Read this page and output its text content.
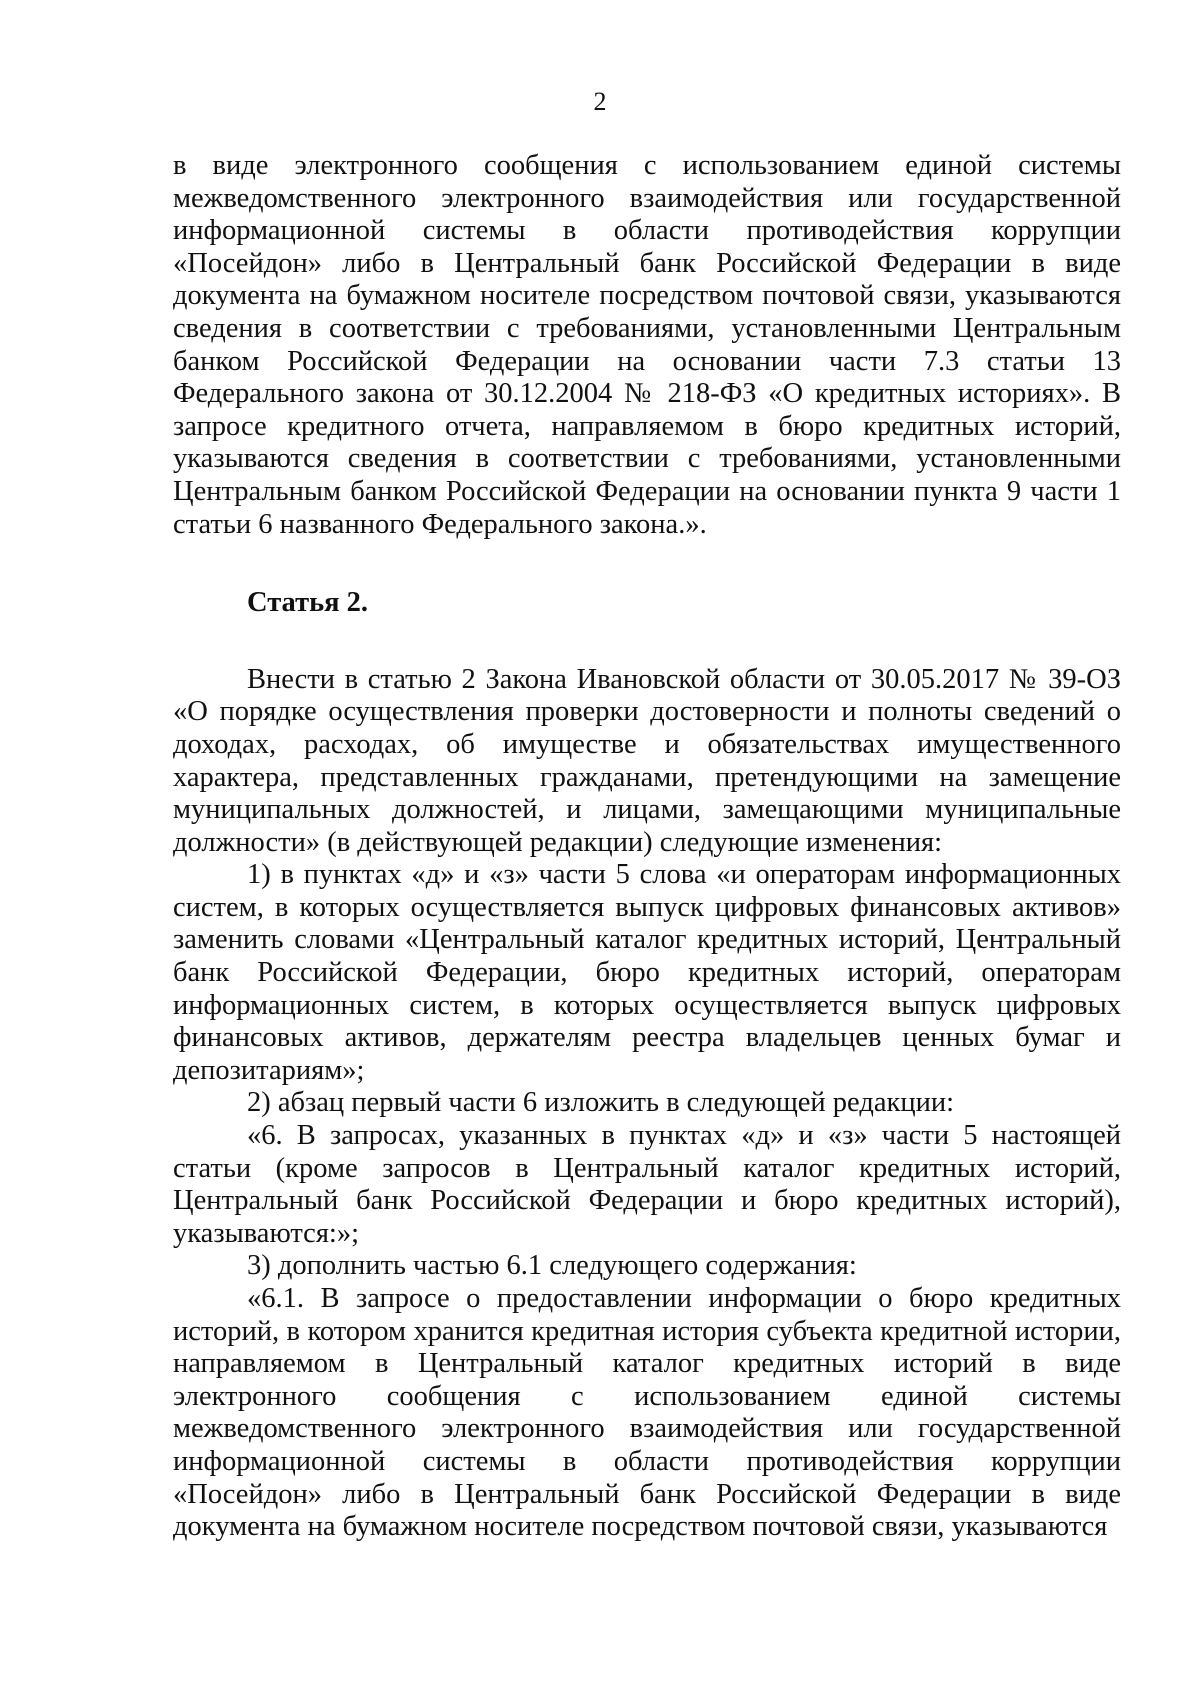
2

в виде электронного сообщения с использованием единой системы межведомственного электронного взаимодействия или государственной информационной системы в области противодействия коррупции «Посейдон» либо в Центральный банк Российской Федерации в виде документа на бумажном носителе посредством почтовой связи, указываются сведения в соответствии с требованиями, установленными Центральным банком Российской Федерации на основании части 7.3 статьи 13 Федерального закона от 30.12.2004 № 218-ФЗ «О кредитных историях». В запросе кредитного отчета, направляемом в бюро кредитных историй, указываются сведения в соответствии с требованиями, установленными Центральным банком Российской Федерации на основании пункта 9 части 1 статьи 6 названного Федерального закона.».

Статья 2.

Внести в статью 2 Закона Ивановской области от 30.05.2017 № 39-ОЗ «О порядке осуществления проверки достоверности и полноты сведений о доходах, расходах, об имуществе и обязательствах имущественного характера, представленных гражданами, претендующими на замещение муниципальных должностей, и лицами, замещающими муниципальные должности» (в действующей редакции) следующие изменения:

1) в пунктах «д» и «з» части 5 слова «и операторам информационных систем, в которых осуществляется выпуск цифровых финансовых активов» заменить словами «Центральный каталог кредитных историй, Центральный банк Российской Федерации, бюро кредитных историй, операторам информационных систем, в которых осуществляется выпуск цифровых финансовых активов, держателям реестра владельцев ценных бумаг и депозитариям»;

2) абзац первый части 6 изложить в следующей редакции:

«6. В запросах, указанных в пунктах «д» и «з» части 5 настоящей статьи (кроме запросов в Центральный каталог кредитных историй, Центральный банк Российской Федерации и бюро кредитных историй), указываются:»;

3) дополнить частью 6.1 следующего содержания:

«6.1. В запросе о предоставлении информации о бюро кредитных историй, в котором хранится кредитная история субъекта кредитной истории, направляемом в Центральный каталог кредитных историй в виде электронного сообщения с использованием единой системы межведомственного электронного взаимодействия или государственной информационной системы в области противодействия коррупции «Посейдон» либо в Центральный банк Российской Федерации в виде документа на бумажном носителе посредством почтовой связи, указываются
